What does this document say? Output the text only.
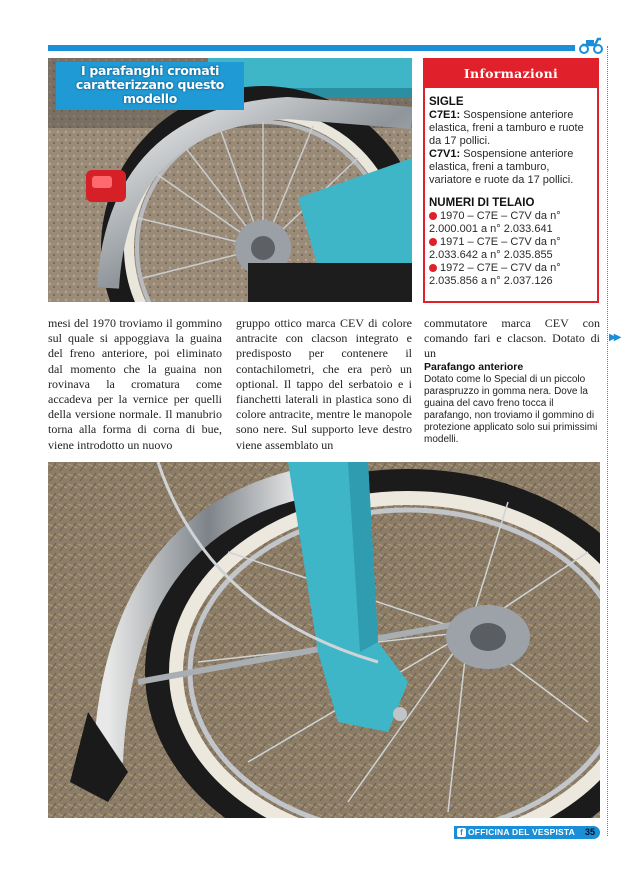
I parafanghi cromati caratterizzano questo modello
Informazioni
SIGLE
C7E1: Sospensione anteriore elastica, freni a tamburo e ruote da 17 pollici.
C7V1: Sospensione anteriore elastica, freni a tamburo, variatore e ruote da 17 pollici.
NUMERI DI TELAIO
1970 – C7E – C7V da n° 2.000.001 a n° 2.033.641
1971 – C7E – C7V da n° 2.033.642 a n° 2.035.855
1972 – C7E – C7V da n° 2.035.856 a n° 2.037.126
mesi del 1970 troviamo il gommino sul quale si appoggiava la guaina del freno anteriore, poi eliminato dal momento che la guaina non rovinava la cromatura come accadeva per la vernice per quelli della versione normale. Il manubrio torna alla forma di corna di bue, viene introdotto un nuovo
gruppo ottico marca CEV di colore antracite con clacson integrato e predisposto per contenere il contachilometri, che era però un optional. Il tappo del serbatoio e i fianchetti laterali in plastica sono di colore antracite, mentre le manopole sono nere. Sul supporto leve destro viene assemblato un
commutatore marca CEV con comando fari e clacson. Dotato di un
▶▶
Parafango anteriore
Dotato come lo Special di un piccolo paraspruzzo in gomma nera. Dove la guaina del cavo freno tocca il parafango, non troviamo il gommino di protezione applicato solo sui primissimi modelli.
f OFFICINA DEL VESPISTA 35
